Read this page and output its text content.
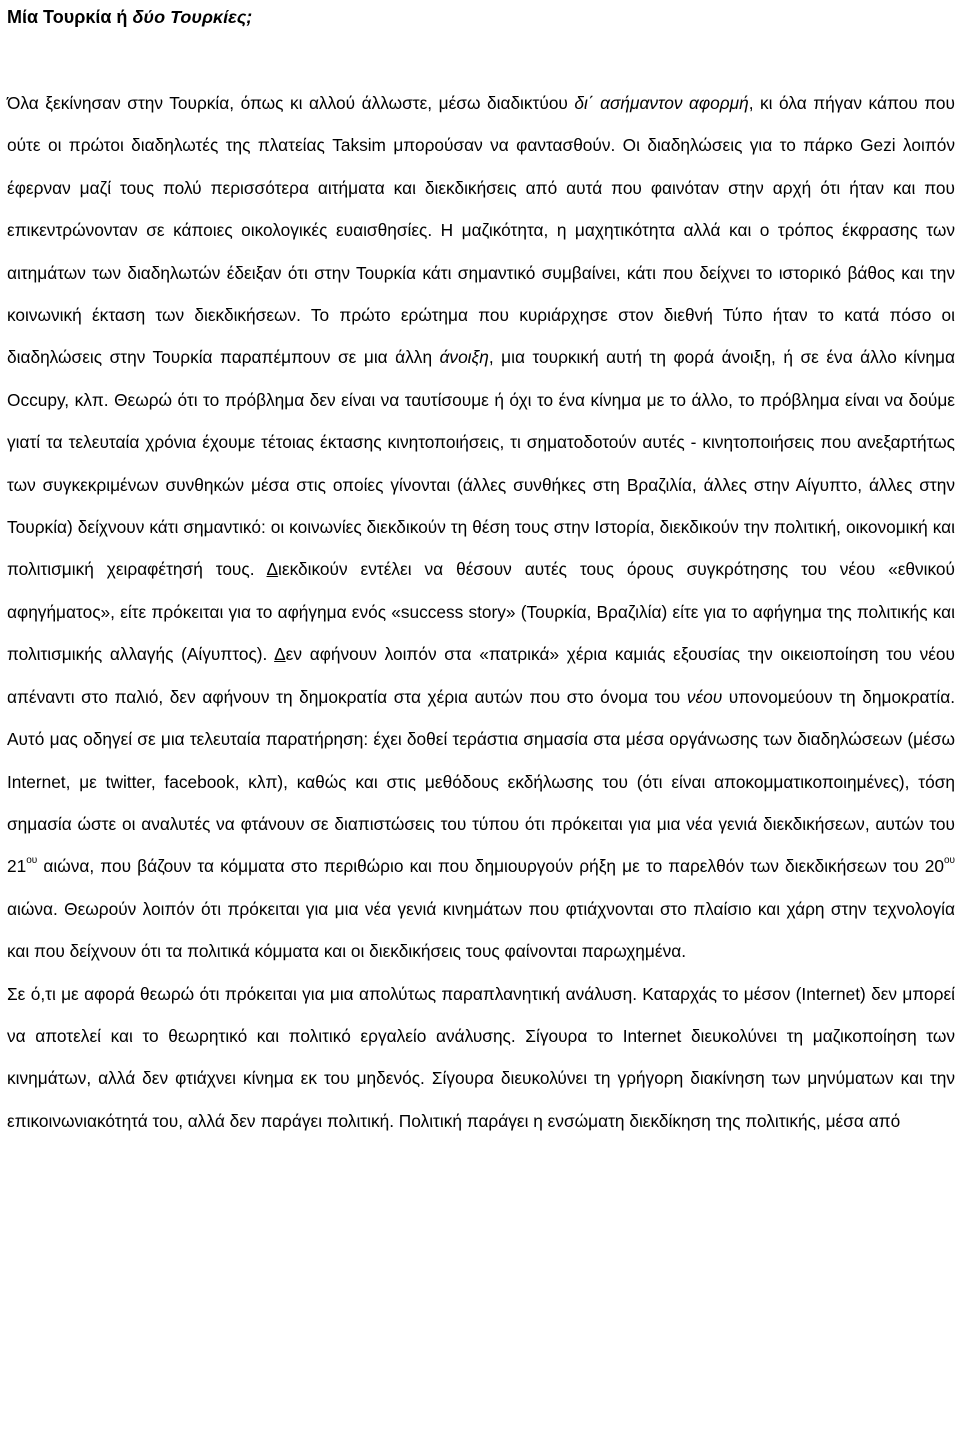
Μία Τουρκία ή δύο Τουρκίες;

Όλα ξεκίνησαν στην Τουρκία, όπως κι αλλού άλλωστε, μέσω διαδικτύου δι΄ ασήμαντον αφορμή, κι όλα πήγαν κάπου που ούτε οι πρώτοι διαδηλωτές της πλατείας Taksim μπορούσαν να φαντασθούν. Οι διαδηλώσεις για το πάρκο Gezi λοιπόν έφερναν μαζί τους πολύ περισσότερα αιτήματα και διεκδικήσεις από αυτά που φαινόταν στην αρχή ότι ήταν και που επικεντρώνονταν σε κάποιες οικολογικές ευαισθησίες. Η μαζικότητα, η μαχητικότητα αλλά και ο τρόπος έκφρασης των αιτημάτων των διαδηλωτών έδειξαν ότι στην Τουρκία κάτι σημαντικό συμβαίνει, κάτι που δείχνει το ιστορικό βάθος και την κοινωνική έκταση των διεκδικήσεων. Το πρώτο ερώτημα που κυριάρχησε στον διεθνή Τύπο ήταν το κατά πόσο οι διαδηλώσεις στην Τουρκία παραπέμπουν σε μια άλλη άνοιξη, μια τουρκική αυτή τη φορά άνοιξη, ή σε ένα άλλο κίνημα Occupy, κλπ. Θεωρώ ότι το πρόβλημα δεν είναι να ταυτίσουμε ή όχι το ένα κίνημα με το άλλο, το πρόβλημα είναι να δούμε γιατί τα τελευταία χρόνια έχουμε τέτοιας έκτασης κινητοποιήσεις, τι σηματοδοτούν αυτές - κινητοποιήσεις που ανεξαρτήτως των συγκεκριμένων συνθηκών μέσα στις οποίες γίνονται (άλλες συνθήκες στη Βραζιλία, άλλες στην Αίγυπτο, άλλες στην Τουρκία) δείχνουν κάτι σημαντικό: οι κοινωνίες διεκδικούν τη θέση τους στην Ιστορία, διεκδικούν την πολιτική, οικονομική και πολιτισμική χειραφέτησή τους. Διεκδικούν εντέλει να θέσουν αυτές τους όρους συγκρότησης του νέου «εθνικού αφηγήματος», είτε πρόκειται για το αφήγημα ενός «success story» (Τουρκία, Βραζιλία) είτε για το αφήγημα της πολιτικής και πολιτισμικής αλλαγής (Αίγυπτος). Δεν αφήνουν λοιπόν στα «πατρικά» χέρια καμιάς εξουσίας την οικειοποίηση του νέου απέναντι στο παλιό, δεν αφήνουν τη δημοκρατία στα χέρια αυτών που στο όνομα του νέου υπονομεύουν τη δημοκρατία. Αυτό μας οδηγεί σε μια τελευταία παρατήρηση: έχει δοθεί τεράστια σημασία στα μέσα οργάνωσης των διαδηλώσεων (μέσω Internet, με twitter, facebook, κλπ), καθώς και στις μεθόδους εκδήλωσης του (ότι είναι αποκομματικοποιημένες), τόση σημασία ώστε οι αναλυτές να φτάνουν σε διαπιστώσεις του τύπου ότι πρόκειται για μια νέα γενιά διεκδικήσεων, αυτών του $21^{o\upsilon}$ αιώνα, που βάζουν τα κόμματα στο περιθώριο και που δημιουργούν ρήξη με το παρελθόν των διεκδικήσεων του $20^{o\upsilon}$ αιώνα. Θεωρούν λοιπόν ότι πρόκειται για μια νέα γενιά κινημάτων που φτιάχνονται στο πλαίσιο και χάρη στην τεχνολογία και που δείχνουν ότι τα πολιτικά κόμματα και οι διεκδικήσεις τους φαίνονται παρωχημένα.

Σε ό,τι με αφορά θεωρώ ότι πρόκειται για μια απολύτως παραπλανητική ανάλυση. Καταρχάς το μέσον (Internet) δεν μπορεί να αποτελεί και το θεωρητικό και πολιτικό εργαλείο ανάλυσης. Σίγουρα το Internet διευκολύνει τη μαζικοποίηση των κινημάτων, αλλά δεν φτιάχνει κίνημα εκ του μηδενός. Σίγουρα διευκολύνει τη γρήγορη διακίνηση των μηνύματων και την επικοινωνιακότητά του, αλλά δεν παράγει πολιτική. Πολιτική παράγει η ενσώματη διεκδίκηση της πολιτικής, μέσα από
